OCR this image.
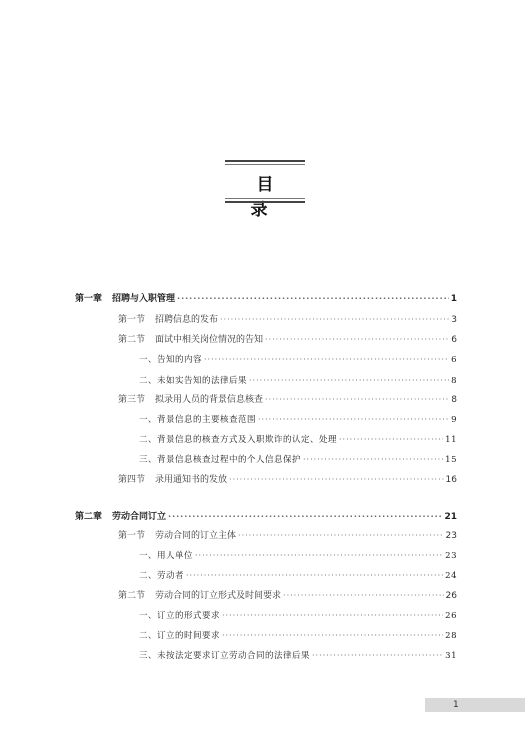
目 录
第一章 招聘与入职管理 ·····	1
第一节 招聘信息的发布 ·····	3
第二节 面试中相关岗位情况的告知 ·····	6
一、告知的内容 ·····	6
二、未如实告知的法律后果 ·····	8
第三节 拟录用人员的背景信息核查 ·····	8
一、背景信息的主要核查范围 ·····	9
二、背景信息的核查方式及入职欺诈的认定、处理 ·····	11
三、背景信息核查过程中的个人信息保护 ·····	15
第四节 录用通知书的发放 ·····	16
第二章 劳动合同订立 ·····	21
第一节 劳动合同的订立主体 ·····	23
一、用人单位 ·····	23
二、劳动者 ·····	24
第二节 劳动合同的订立形式及时间要求 ·····	26
一、订立的形式要求 ·····	26
二、订立的时间要求 ·····	28
三、未按法定要求订立劳动合同的法律后果 ·····	31
1
